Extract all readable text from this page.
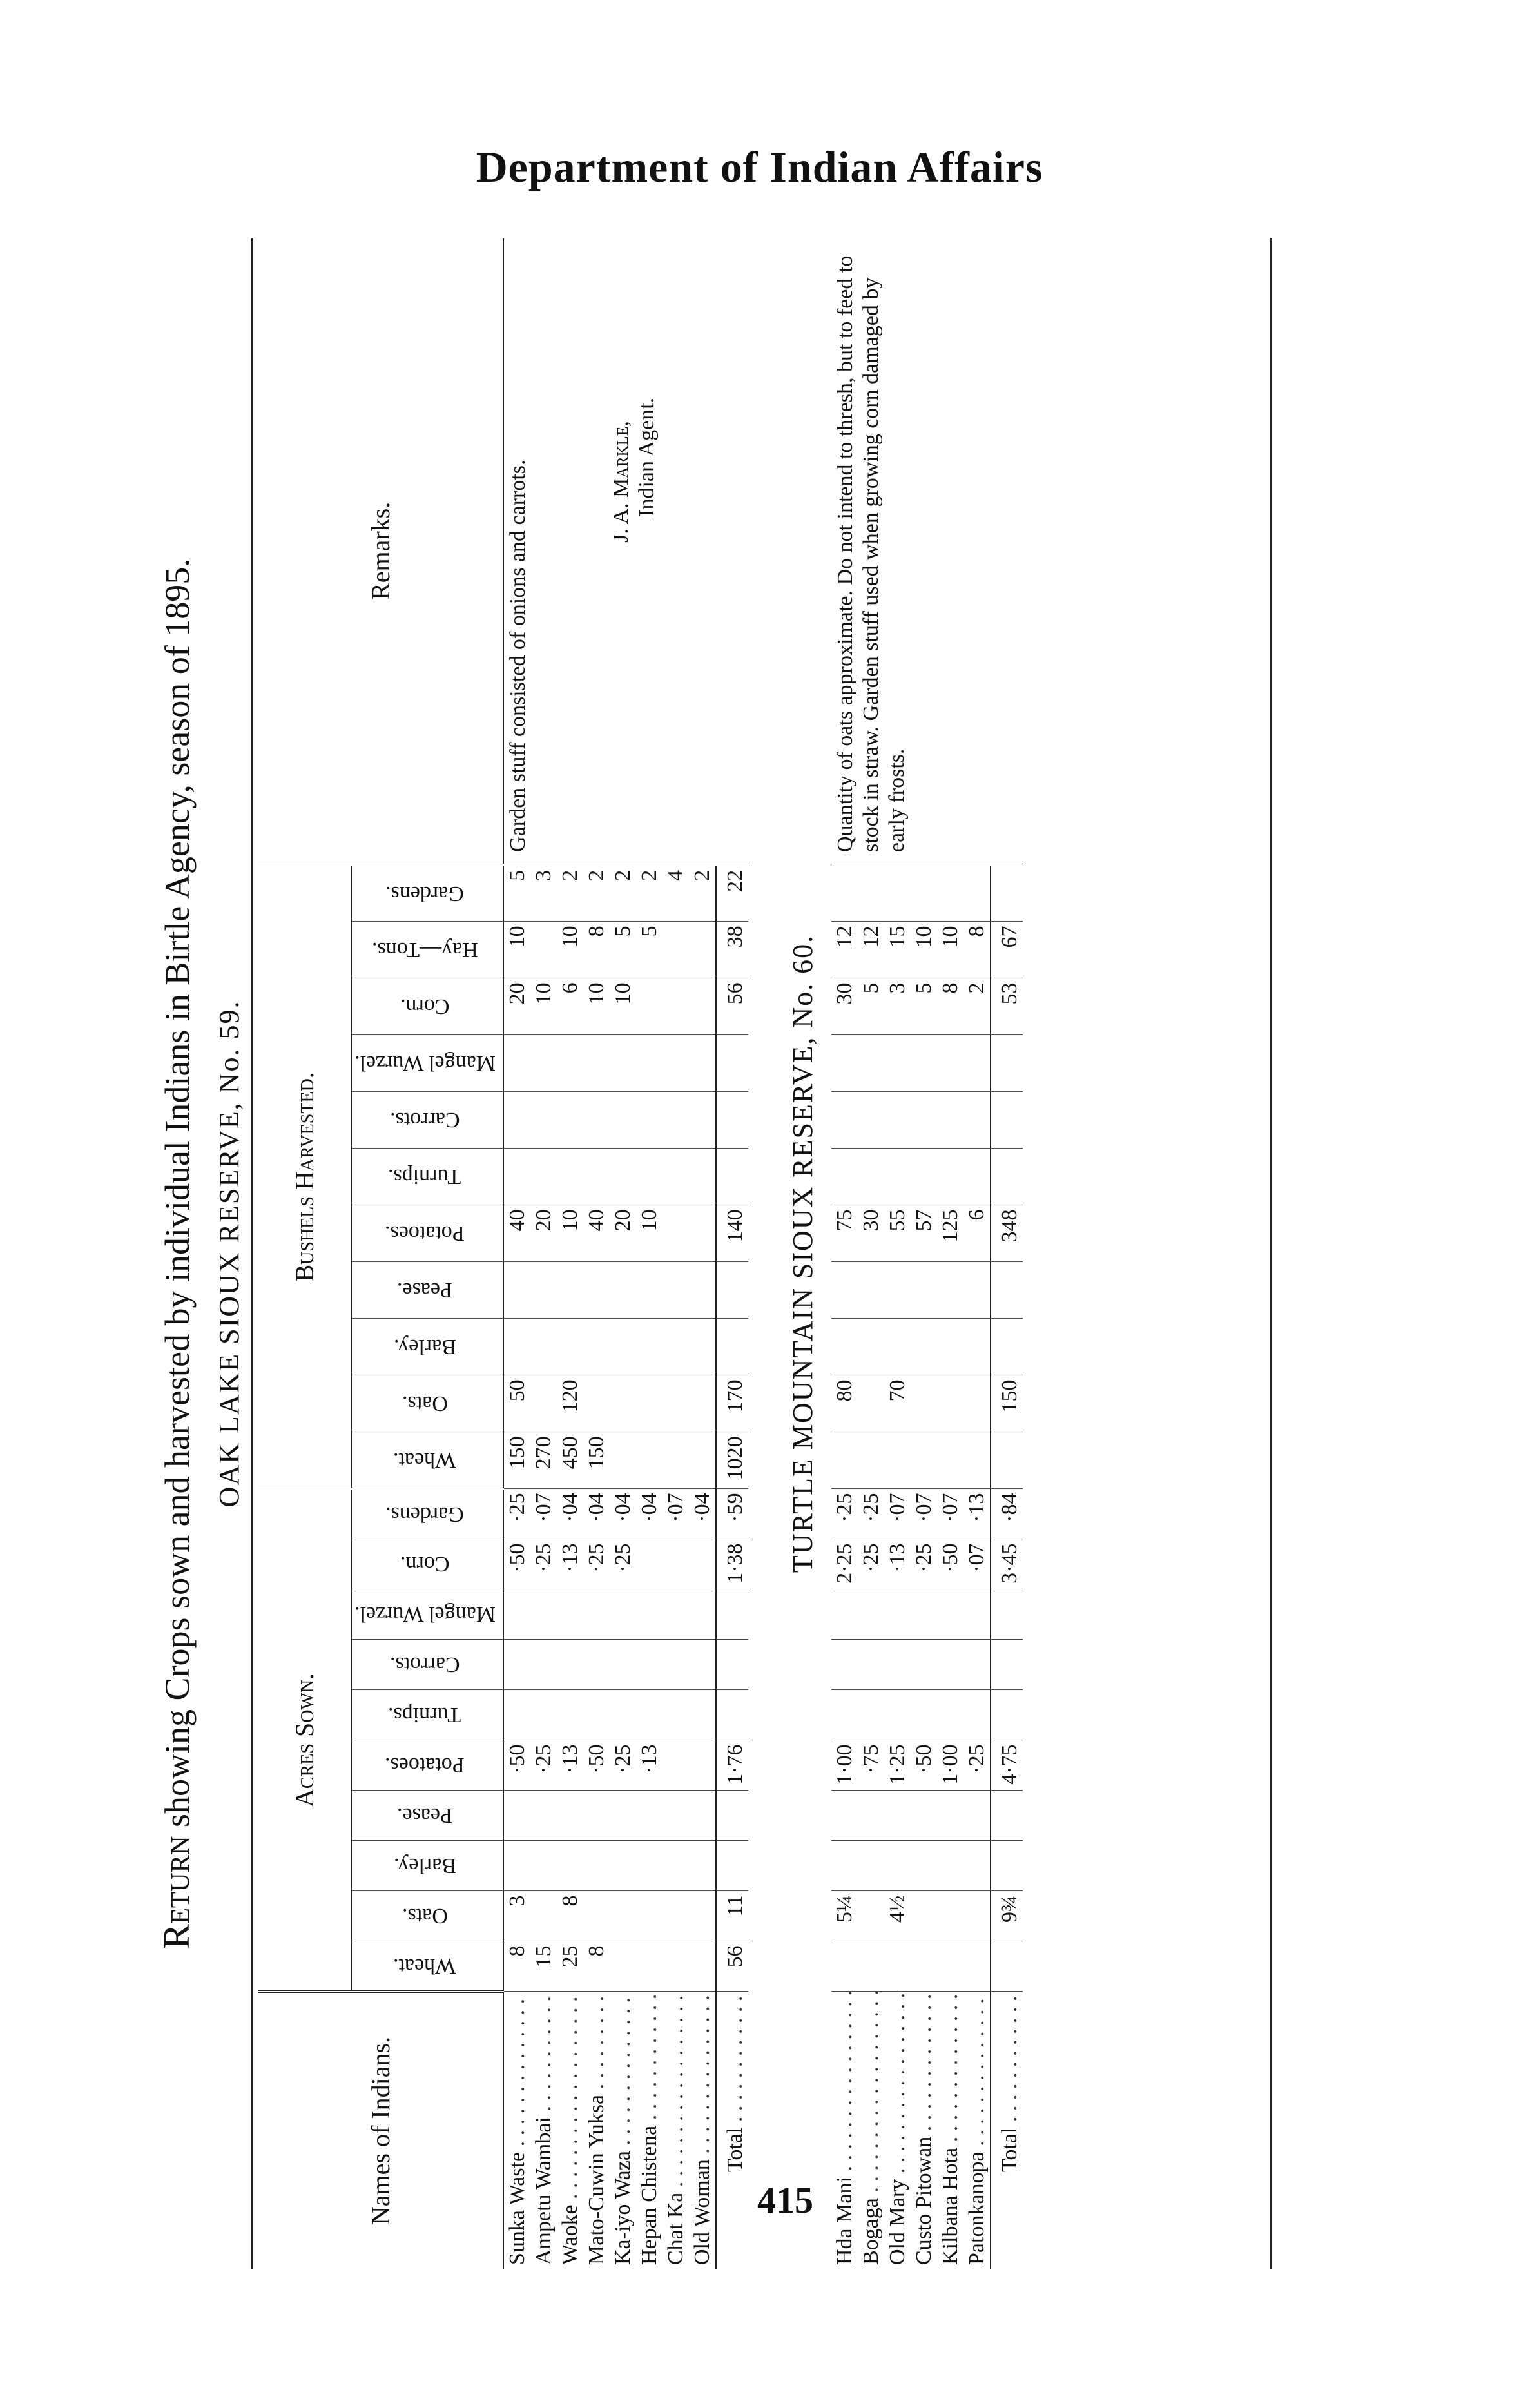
Department of Indian Affairs
Return showing Crops sown and harvested by individual Indians in Birtle Agency, season of 1895. OAK LAKE SIOUX RESERVE, No. 59.
Names of Indians.	Acres Sown.										Bushels Harvested.											Remarks.
	Wheat.	Oats.	Barley.	Pease.	Potatoes.	Turnips.	Carrots.	Mangel Wurzel.	Corn.	Gardens.	Wheat.	Oats.	Barley.	Pease.	Potatoes.	Turnips.	Carrots.	Mangel Wurzel.	Corn.	Hay—Tons.	Gardens.	
Sunka Waste . . .	8	3			·50				·50	·25	150	50			40				20	10	5	Garden stuff consisted of onions and carrots. J. A. Markle, Indian Agent.

Ampetu Wambai . . .	15				·25				·25	·07	270				20				10		3	
Waoke . . .	25	8			·13				·13	·04	450	120			10				6	10	2	
Mato-Cuwin Yuksa . . .	8				·50				·25	·04	150				40				10	8	2	
Ka-iyo Waza . . .					·25				·25	·04					20				10	5	2	
Hepan Chistena . . .					·13					·04					10					5	2	
Chat Ka . . .										·07											4	
Old Woman . . .										·04											2	
Total . . .	56	11			1·76				1·38	·59	1020	170			140				56	38	22	
TURTLE MOUNTAIN SIOUX RESERVE, No. 60.
Hda Mani . . .		5¼			1·00				2·25	·25		80			75				30	12		Quantity of oats approximate. Do not intend to thresh, but to feed to stock in straw. Garden stuff used when growing corn damaged by early frosts.

Bogaga . . .					·75				·25	·25					30				5	12		
Old Mary . . .		4½			1·25				·13	·07		70			55				3	15		
Custo Pitowan . . .					·50				·25	·07					57				5	10		
Kilbana Hota . . .					1·00				·50	·07					125				8	10		
Patonkanopa . . .					·25				·07	·13					6				2	8		
Total . . .		9¾			4·75				3·45	·84		150			348				53	67		
415
